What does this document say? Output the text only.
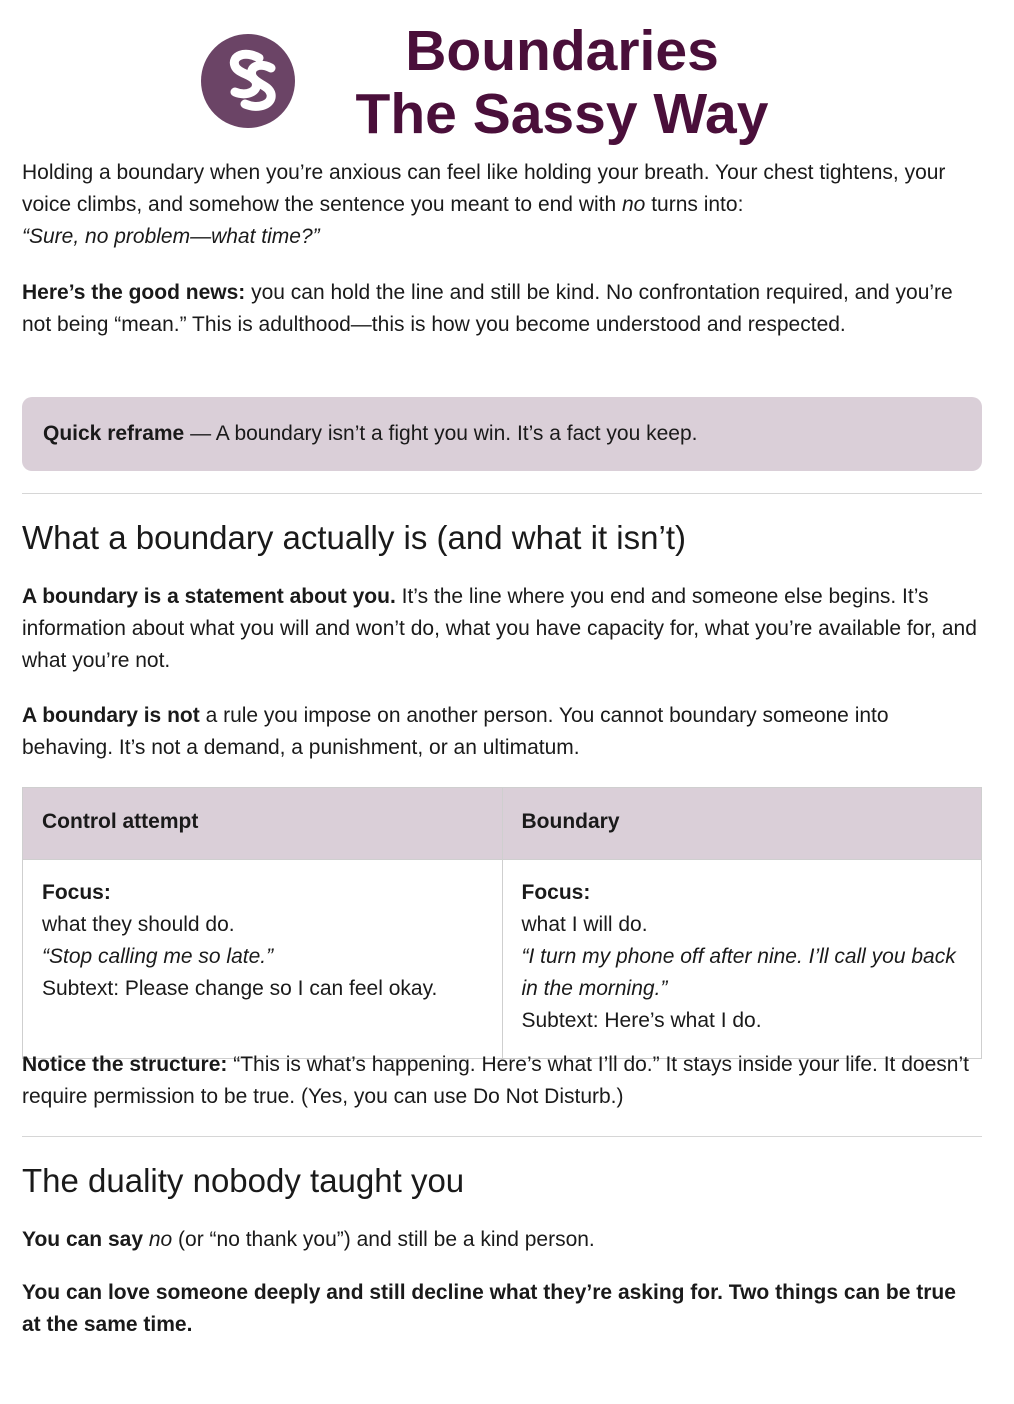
Boundaries
The Sassy Way

Holding a boundary when you’re anxious can feel like holding your breath. Your chest tightens, your voice climbs, and somehow the sentence you meant to end with no turns into:
“Sure, no problem—what time?”

Here’s the good news: you can hold the line and still be kind. No confrontation required, and you’re not being “mean.” This is adulthood—this is how you become understood and respected.

Quick reframe — A boundary isn’t a fight you win. It’s a fact you keep.
What a boundary actually is (and what it isn’t)

A boundary is a statement about you. It’s the line where you end and someone else begins. It’s information about what you will and won’t do, what you have capacity for, what you’re available for, and what you’re not.

A boundary is not a rule you impose on another person. You cannot boundary someone into behaving. It’s not a demand, a punishment, or an ultimatum.

Control attempt	Boundary

Focus:
what they should do.
“Stop calling me so late.”
Subtext: Please change so I can feel okay.	Focus:
what I will do.
“I turn my phone off after nine. I’ll call you back in the morning.”
Subtext: Here’s what I do.

Notice the structure: “This is what’s happening. Here’s what I’ll do.” It stays inside your life. It doesn’t require permission to be true. (Yes, you can use Do Not Disturb.)

The duality nobody taught you

You can say no (or “no thank you”) and still be a kind person.

You can love someone deeply and still decline what they’re asking for. Two things can be true at the same time.
